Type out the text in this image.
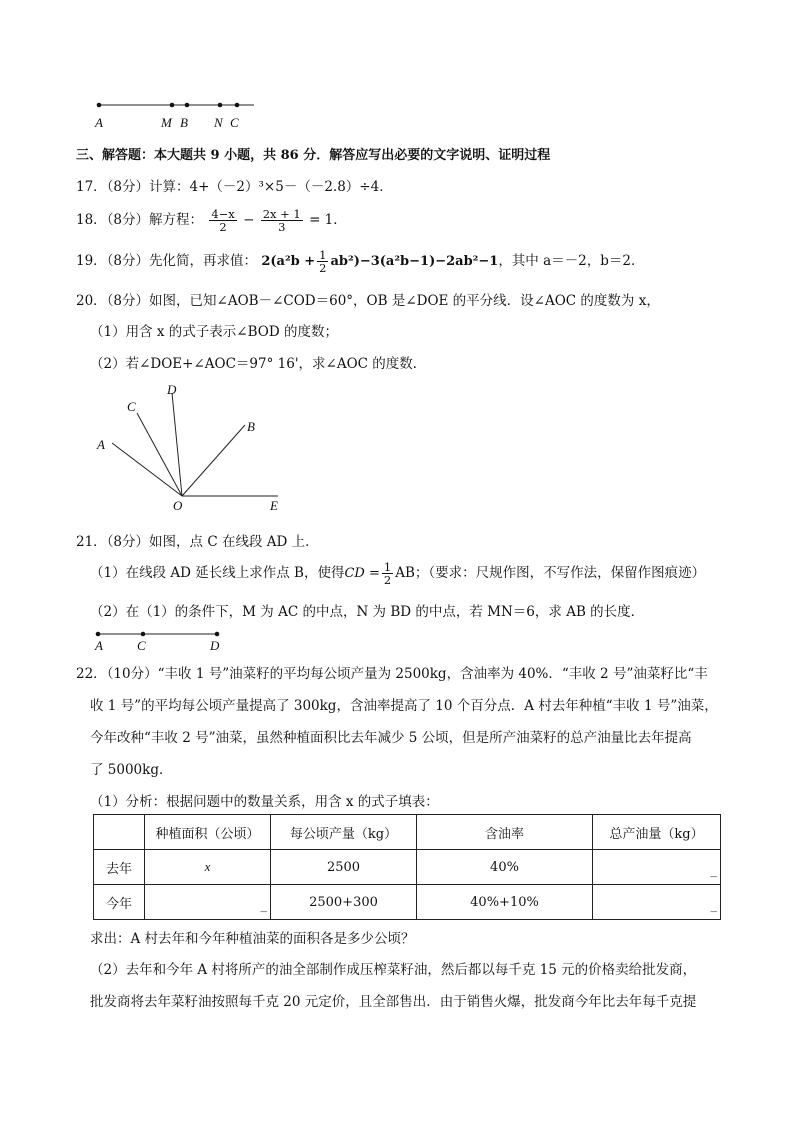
A	M B N C
三、解答题：本大题共 9 小题，共 86 分．解答应写出必要的文字说明、证明过程
17．（8分）计算：4+（－2）³×5－（－2.8）÷4．
18．（8分）解方程： $\frac{4-x}{2} - \frac{2x + 1}{3} = 1$．
19．（8分）先化简，再求值： $2(a^2b + \frac{1}{2} ab^2)-3(a^2b-1)-2ab^2-1$，其中 a＝－2，b＝2．
20．（8分）如图，已知∠AOB－∠COD＝60°，OB 是∠DOE 的平分线．设∠AOC 的度数为 x，
（1）用含 x 的式子表示∠BOD 的度数；
（2）若∠DOE+∠AOC＝97° 16'，求∠AOC 的度数．
A
C
D
B
O	E
21．（8分）如图，点 C 在线段 AD 上．
（1）在线段 AD 延长线上求作点 B，使得CD = $\frac{1}{2}$ AB；（要求：尺规作图，不写作法，保留作图痕迹）
（2）在（1）的条件下，M 为 AC 的中点，N 为 BD 的中点，若 MN＝6，求 AB 的长度．
A	C	D
22．（10分）“丰收 1 号”油菜籽的平均每公顷产量为 2500kg，含油率为 40%．“丰收 2 号”油菜籽比“丰
收 1 号”的平均每公顷产量提高了 300kg，含油率提高了 10 个百分点．A 村去年种植“丰收 1 号”油菜，
今年改种“丰收 2 号”油菜，虽然种植面积比去年减少 5 公顷，但是所产油菜籽的总产油量比去年提高
了 5000kg．
（1）分析：根据问题中的数量关系，用含 x 的式子填表：
	种植面积（公顷）	每公顷产量（kg）	含油率	总产油量（kg）
去年	x	2500	40%	_

今年	_	2500+300	40%+10%	_
求出：A 村去年和今年种植油菜的面积各是多少公顷？
（2）去年和今年 A 村将所产的油全部制作成压榨菜籽油，然后都以每千克 15 元的价格卖给批发商，
批发商将去年菜籽油按照每千克 20 元定价，且全部售出．由于销售火爆，批发商今年比去年每千克提
